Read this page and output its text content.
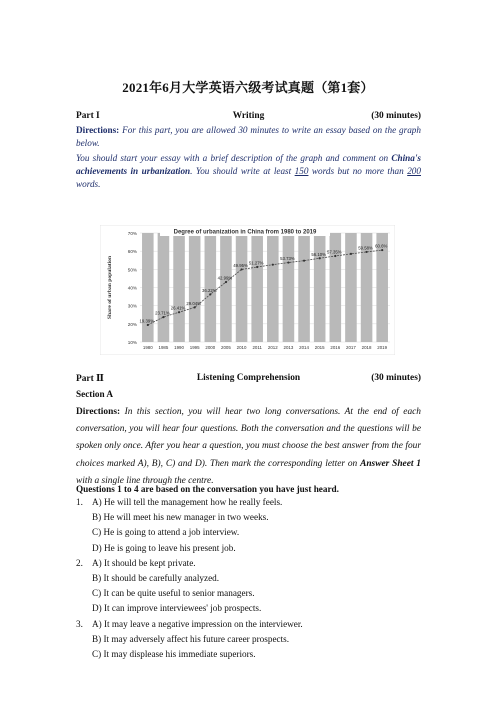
2021年6月大学英语六级考试真题（第1套）
Part I	Writing	(30 minutes)
Directions: For this part, you are allowed 30 minutes to write an essay based on the graph below.
You should start your essay with a brief description of the graph and comment on China's achievements in urbanization. You should write at least 150 words but no more than 200 words.
10%
20%
30%
40%
50%
60%
70%
1980 1985 1990 1995 2000 2005 2010 2011 2012 2013 2014 2015 2016 2017 2018 2019
19.39%
23.71%
26.41%
29.04%
36.22%
42.99%
49.95% 51.27%
53.73%
56.10% 57.35%
59.58% 60.6%
Degree of urbanization in China from 1980 to 2019
Share of urban population
Part Ⅱ	Listening Comprehension	(30 minutes)
Section A
Directions: In this section, you will hear two long conversations. At the end of each conversation, you will hear four questions. Both the conversation and the questions will be spoken only once. After you hear a question, you must choose the best answer from the four choices marked A), B), C) and D). Then mark the corresponding letter on Answer Sheet 1 with a single line through the centre.
Questions 1 to 4 are based on the conversation you have just heard.
1. A) He will tell the management how he really feels.
B) He will meet his new manager in two weeks.
C) He is going to attend a job interview.
D) He is going to leave his present job.
2. A) It should be kept private.
B) It should be carefully analyzed.
C) It can be quite useful to senior managers.
D) It can improve interviewees' job prospects.
3. A) It may leave a negative impression on the interviewer.
B) It may adversely affect his future career prospects.
C) It may displease his immediate superiors.
